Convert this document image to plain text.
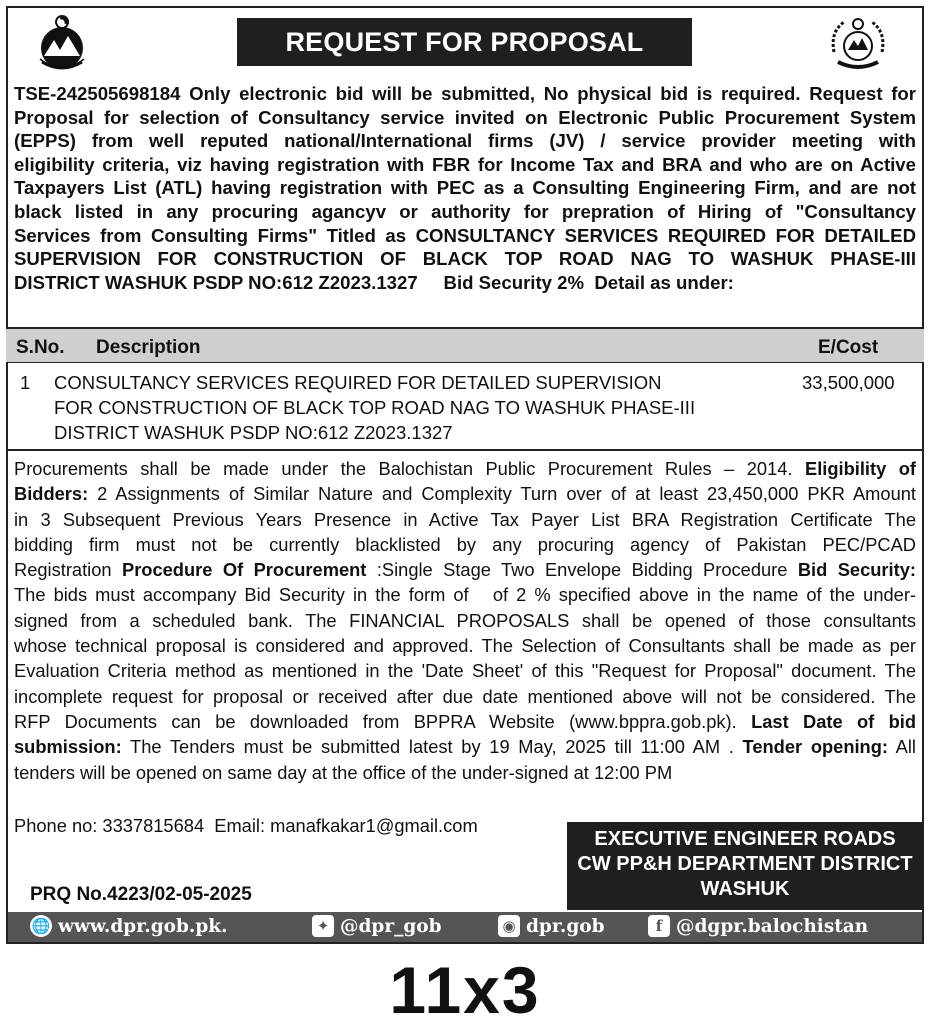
REQUEST FOR PROPOSAL
TSE-242505698184 Only electronic bid will be submitted, No physical bid is required. Request for
Proposal for selection of Consultancy service invited on Electronic Public Procurement System
(EPPS) from well reputed national/International firms (JV) / service provider meeting with
eligibility criteria, viz having registration with FBR for Income Tax and BRA and who are on Active
Taxpayers List (ATL) having registration with PEC as a Consulting Engineering Firm, and are not
black listed in any procuring agancyv or authority for prepration of Hiring of "Consultancy
Services from Consulting Firms" Titled as CONSULTANCY SERVICES REQUIRED FOR DETAILED
SUPERVISION FOR CONSTRUCTION OF BLACK TOP ROAD NAG TO WASHUK PHASE-III
DISTRICT WASHUK PSDP NO:612 Z2023.1327     Bid Security 2%  Detail as under:
S.No. Description	E/Cost
1 CONSULTANCY SERVICES REQUIRED FOR DETAILED SUPERVISION
FOR CONSTRUCTION OF BLACK TOP ROAD NAG TO WASHUK PHASE-III
DISTRICT WASHUK PSDP NO:612 Z2023.1327
33,500,000
Procurements shall be made under the Balochistan Public Procurement Rules – 2014. Eligibility of
Bidders: 2 Assignments of Similar Nature and Complexity Turn over of at least 23,450,000 PKR Amount
in 3 Subsequent Previous Years Presence in Active Tax Payer List BRA Registration Certificate The
bidding firm must not be currently blacklisted by any procuring agency of Pakistan PEC/PCAD
Registration Procedure Of Procurement :Single Stage Two Envelope Bidding Procedure Bid Security:
The bids must accompany Bid Security in the form of   of 2 % specified above in the name of the under-
signed from a scheduled bank. The FINANCIAL PROPOSALS shall be opened of those consultants
whose technical proposal is considered and approved. The Selection of Consultants shall be made as per
Evaluation Criteria method as mentioned in the 'Date Sheet' of this "Request for Proposal" document. The
incomplete request for proposal or received after due date mentioned above will not be considered. The
RFP Documents can be downloaded from BPPRA Website (www.bppra.gob.pk). Last Date of bid
submission: The Tenders must be submitted latest by 19 May, 2025 till 11:00 AM . Tender opening: All
tenders will be opened on same day at the office of the under-signed at 12:00 PM
Phone no: 3337815684  Email: manafkakar1@gmail.com
EXECUTIVE ENGINEER ROADS
CW PP&H DEPARTMENT DISTRICT
WASHUK
PRQ No.4223/02-05-2025
🌐 www.dpr.gob.pk.	✦ @dpr_gob	◉ dpr.gob	f @dgpr.balochistan
11x3
